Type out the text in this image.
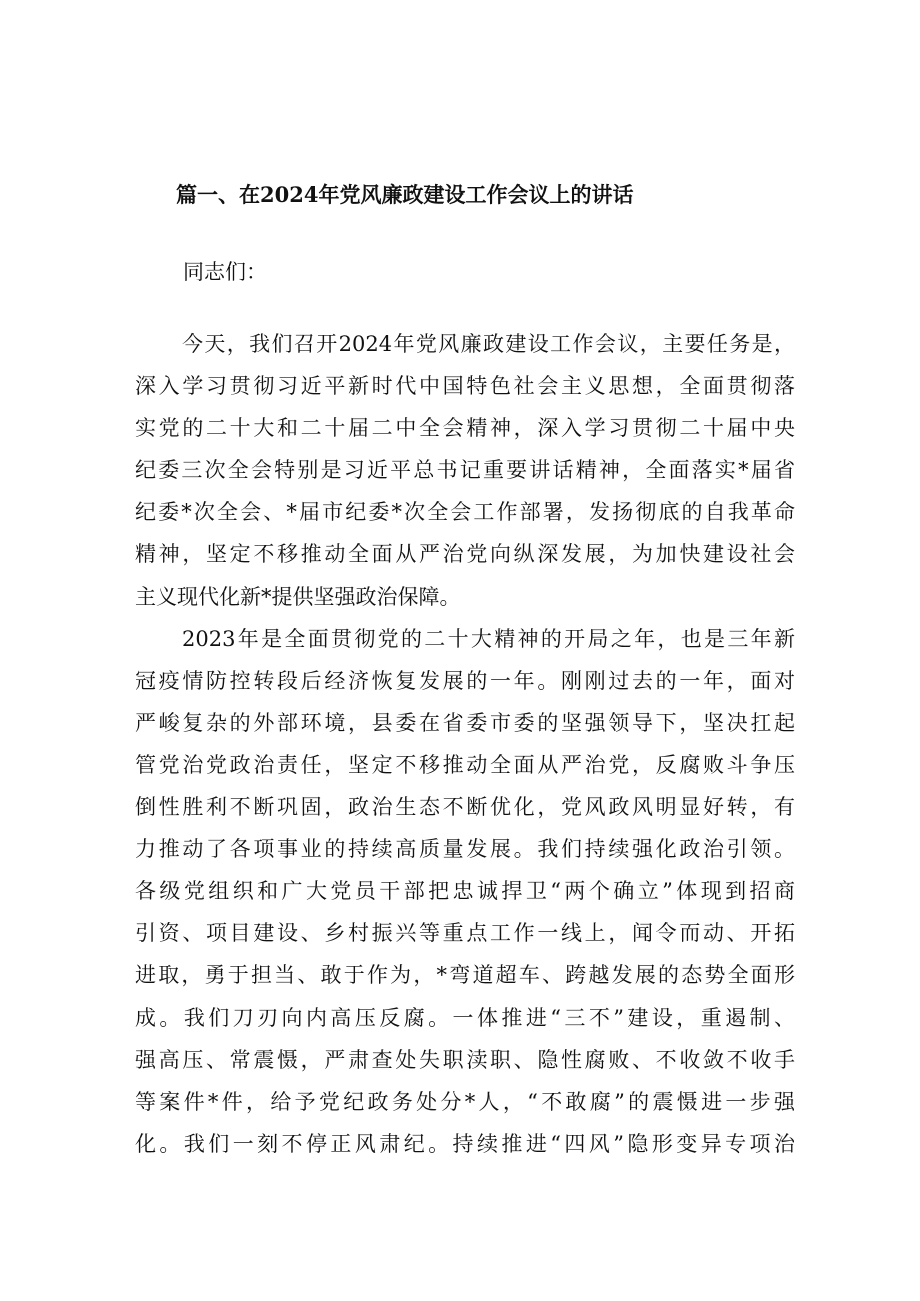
篇一、在2024年党风廉政建设工作会议上的讲话

同志们：

今天，我们召开2024年党风廉政建设工作会议，主要任务是，
深入学习贯彻习近平新时代中国特色社会主义思想，全面贯彻落
实党的二十大和二十届二中全会精神，深入学习贯彻二十届中央
纪委三次全会特别是习近平总书记重要讲话精神，全面落实*届省
纪委*次全会、*届市纪委*次全会工作部署，发扬彻底的自我革命
精神，坚定不移推动全面从严治党向纵深发展，为加快建设社会
主义现代化新*提供坚强政治保障。
2023年是全面贯彻党的二十大精神的开局之年，也是三年新
冠疫情防控转段后经济恢复发展的一年。刚刚过去的一年，面对
严峻复杂的外部环境，县委在省委市委的坚强领导下，坚决扛起
管党治党政治责任，坚定不移推动全面从严治党，反腐败斗争压
倒性胜利不断巩固，政治生态不断优化，党风政风明显好转，有
力推动了各项事业的持续高质量发展。我们持续强化政治引领。
各级党组织和广大党员干部把忠诚捍卫“两个确立”体现到招商
引资、项目建设、乡村振兴等重点工作一线上，闻令而动、开拓
进取，勇于担当、敢于作为，*弯道超车、跨越发展的态势全面形
成。我们刀刃向内高压反腐。一体推进“三不”建设，重遏制、
强高压、常震慑，严肃查处失职渎职、隐性腐败、不收敛不收手
等案件*件，给予党纪政务处分*人，“不敢腐”的震慑进一步强
化。我们一刻不停正风肃纪。持续推进“四风”隐形变异专项治
